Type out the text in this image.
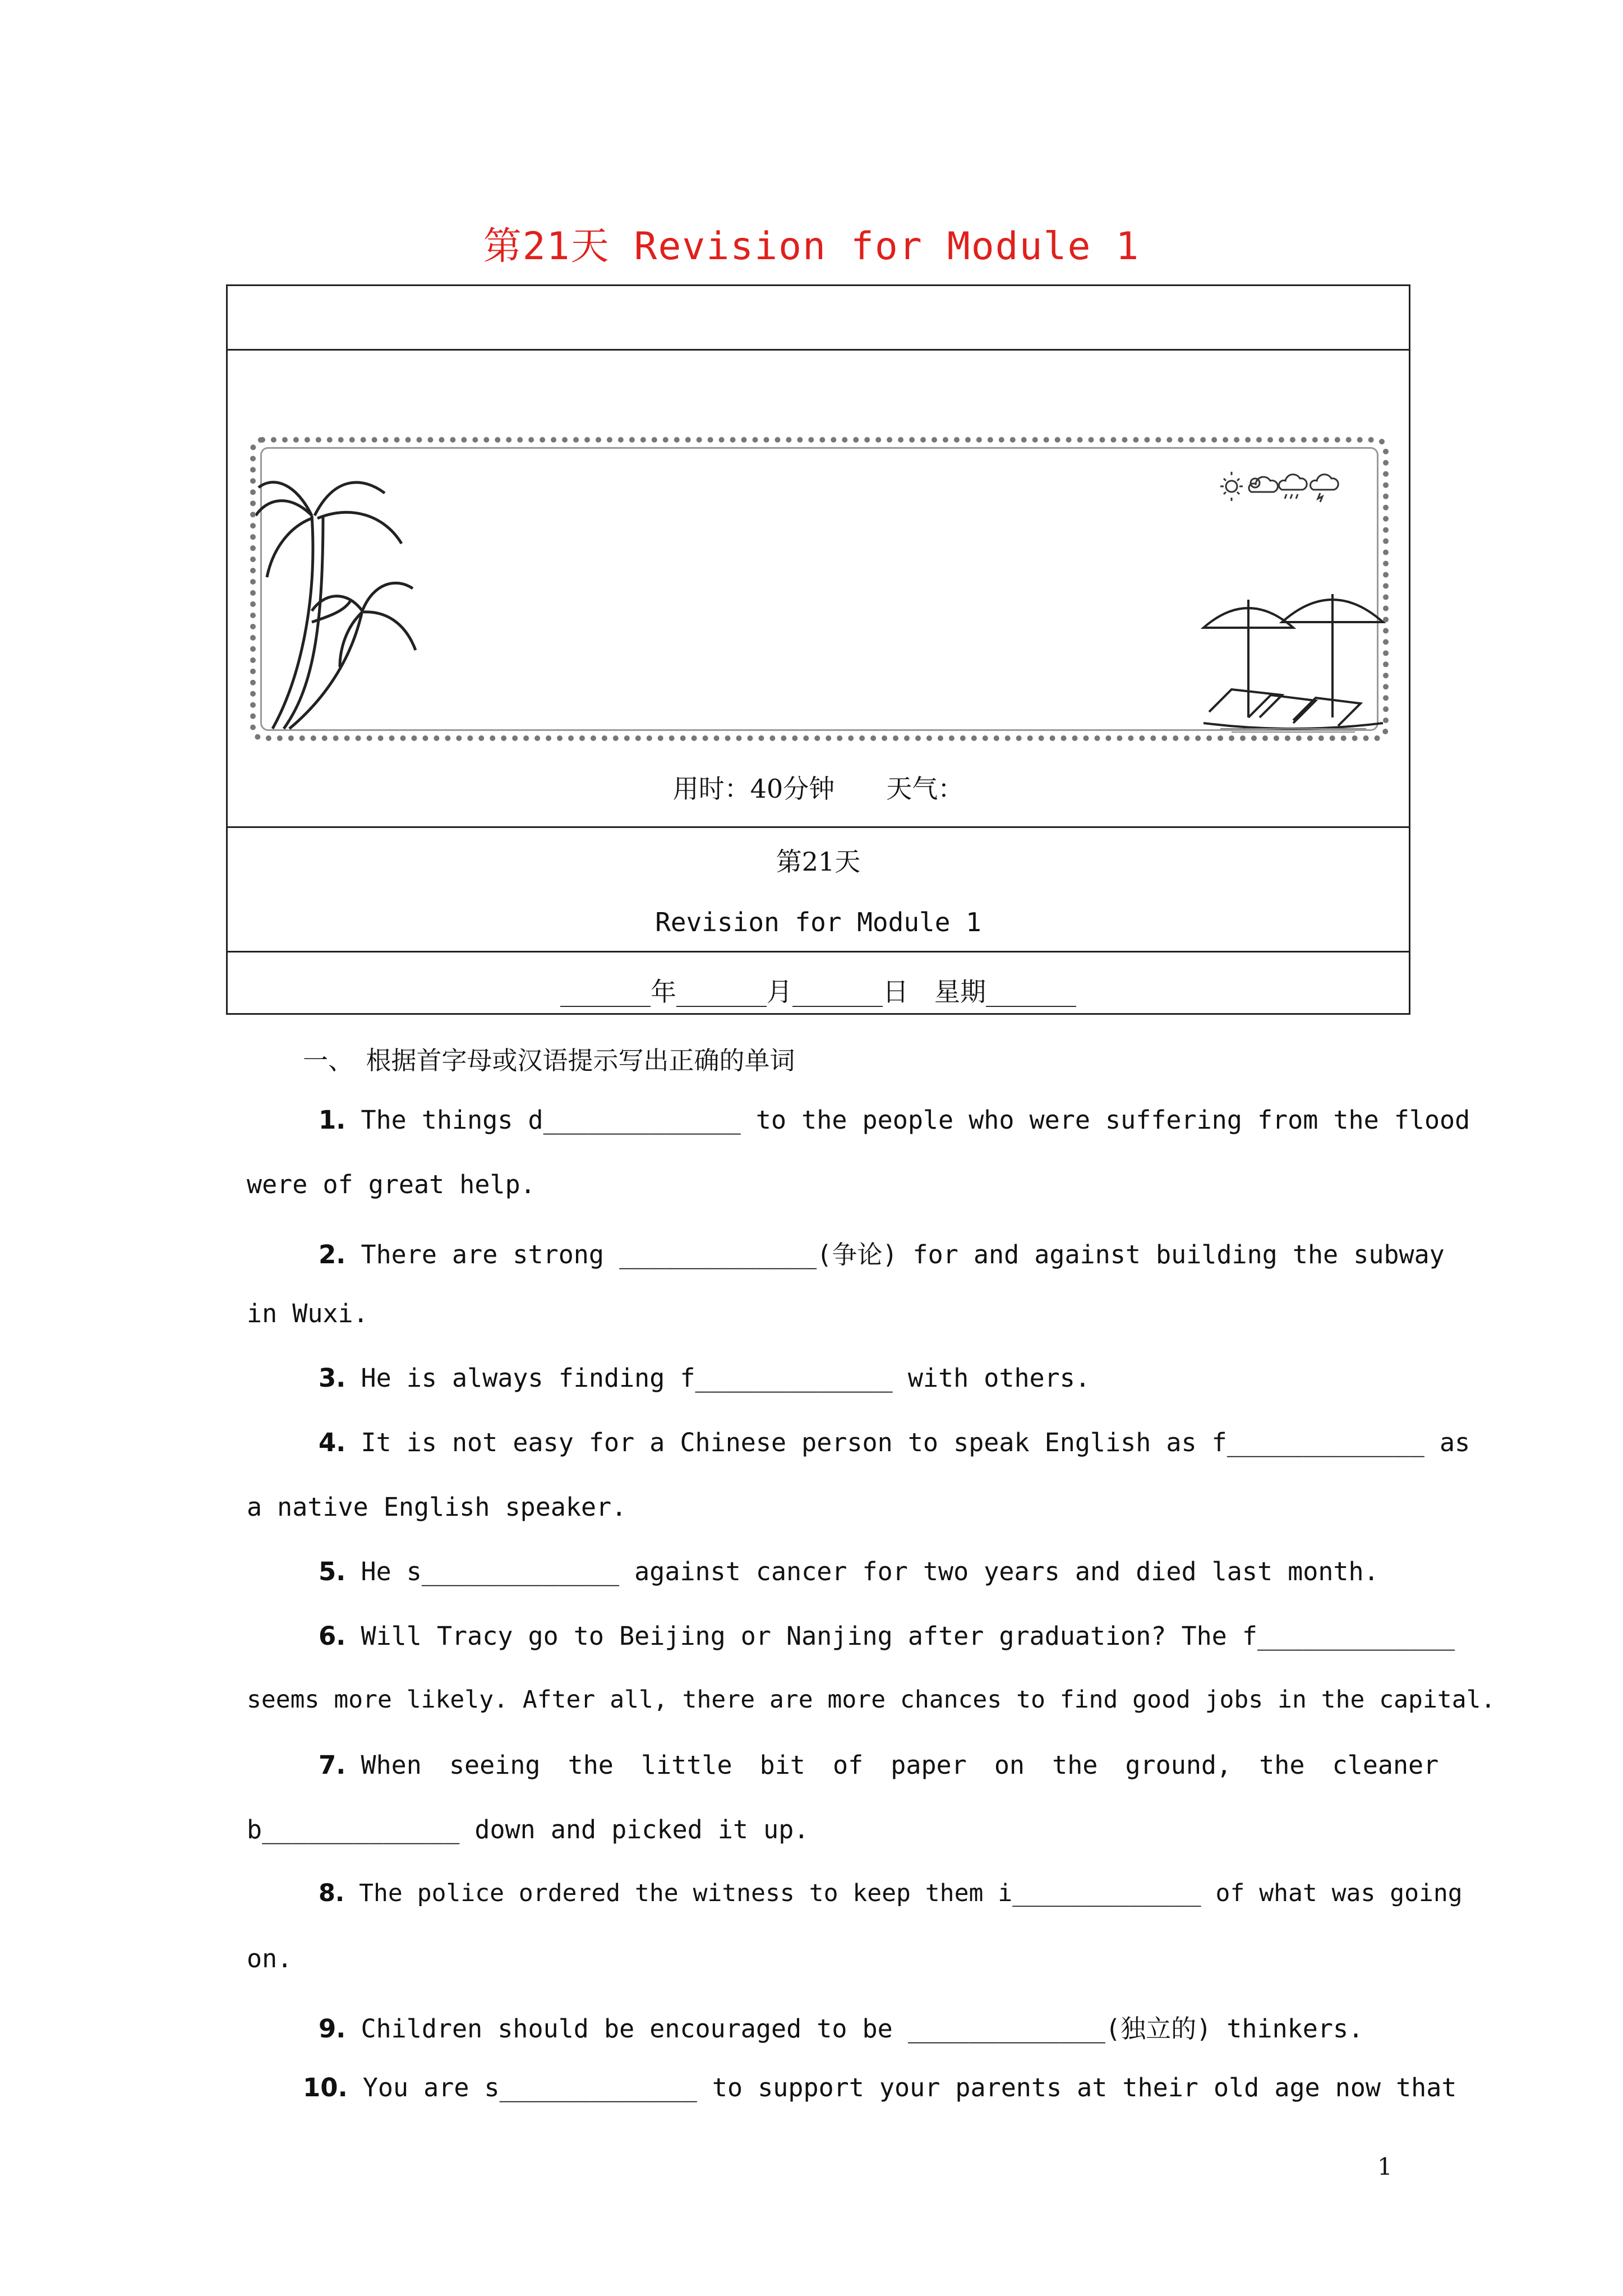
第21天 Revision for Module 1
用时：40分钟　　天气：
第21天
Revision for Module 1
_______年_______月_______日　星期_______
一、　根据首字母或汉语提示写出正确的单词
1. The things d_____________ to the people who were suffering from the flood
were of great help.
2. There are strong _____________(争论) for and against building the subway
in Wuxi.
3. He is always finding f_____________ with others.
4. It is not easy for a Chinese person to speak English as f_____________ as
a native English speaker.
5. He s_____________ against cancer for two years and died last month.
6. Will Tracy go to Beijing or Nanjing after graduation? The f_____________
seems more likely. After all, there are more chances to find good jobs in the capital.
7. When seeing the little bit of paper on the ground, the cleaner
b_____________ down and picked it up.
8. The police ordered the witness to keep them i_____________ of what was going
on.
9. Children should be encouraged to be _____________(独立的) thinkers.
10. You are s_____________ to support your parents at their old age now that
1
